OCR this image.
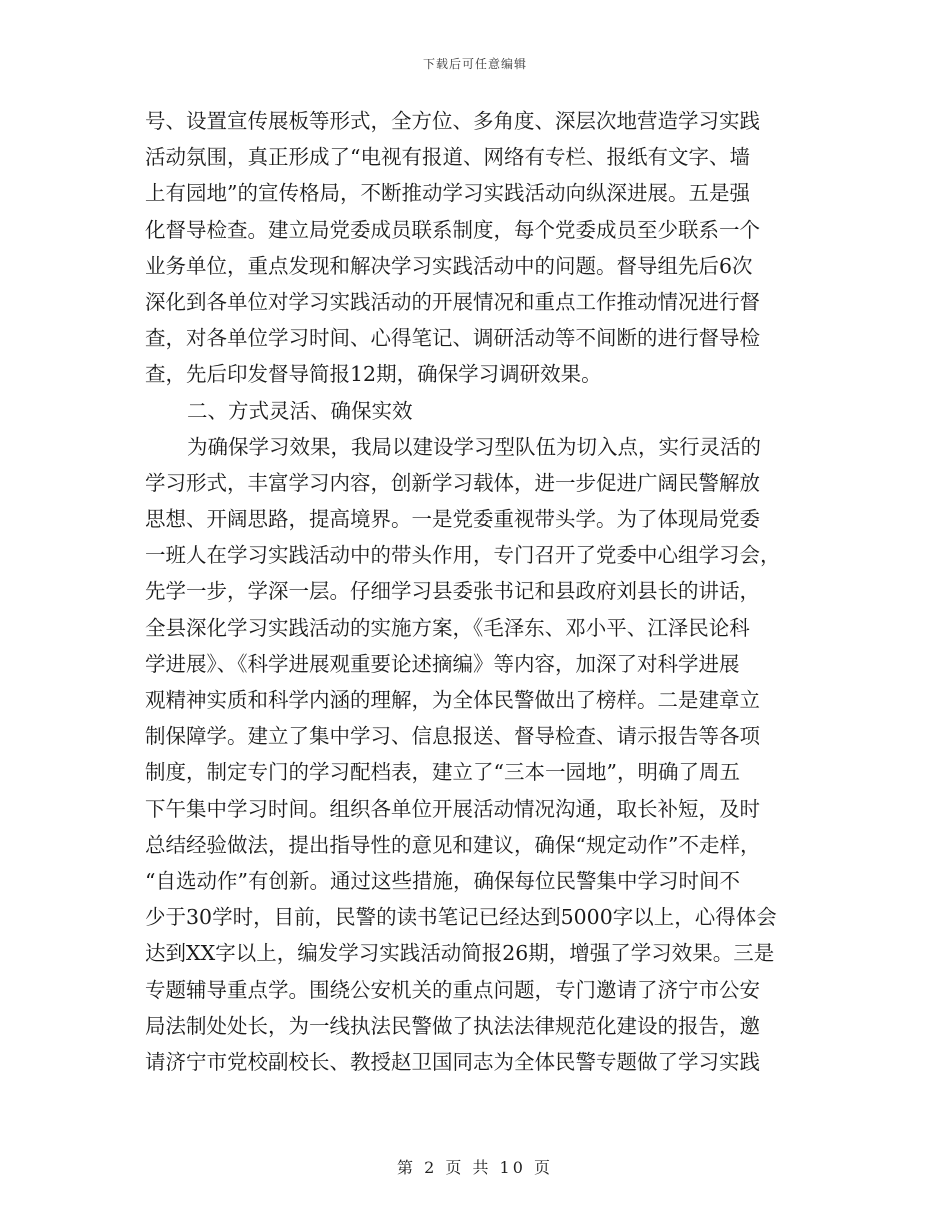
下载后可任意编辑
号、设置宣传展板等形式，全方位、多角度、深层次地营造学习实践
活动氛围，真正形成了“电视有报道、网络有专栏、报纸有文字、墙
上有园地”的宣传格局，不断推动学习实践活动向纵深进展。五是强
化督导检查。建立局党委成员联系制度，每个党委成员至少联系一个
业务单位，重点发现和解决学习实践活动中的问题。督导组先后6次
深化到各单位对学习实践活动的开展情况和重点工作推动情况进行督
查，对各单位学习时间、心得笔记、调研活动等不间断的进行督导检
查，先后印发督导简报12期，确保学习调研效果。
二、方式灵活、确保实效
为确保学习效果，我局以建设学习型队伍为切入点，实行灵活的
学习形式，丰富学习内容，创新学习载体，进一步促进广阔民警解放
思想、开阔思路，提高境界。一是党委重视带头学。为了体现局党委
一班人在学习实践活动中的带头作用，专门召开了党委中心组学习会，
先学一步，学深一层。仔细学习县委张书记和县政府刘县长的讲话，
全县深化学习实践活动的实施方案，《毛泽东、邓小平、江泽民论科
学进展》、《科学进展观重要论述摘编》等内容，加深了对科学进展
观精神实质和科学内涵的理解，为全体民警做出了榜样。二是建章立
制保障学。建立了集中学习、信息报送、督导检查、请示报告等各项
制度，制定专门的学习配档表，建立了“三本一园地”，明确了周五
下午集中学习时间。组织各单位开展活动情况沟通，取长补短，及时
总结经验做法，提出指导性的意见和建议，确保“规定动作”不走样，
“自选动作”有创新。通过这些措施，确保每位民警集中学习时间不
少于30学时，目前，民警的读书笔记已经达到5000字以上，心得体会
达到XX字以上，编发学习实践活动简报26期，增强了学习效果。三是
专题辅导重点学。围绕公安机关的重点问题，专门邀请了济宁市公安
局法制处处长，为一线执法民警做了执法法律规范化建设的报告，邀
请济宁市党校副校长、教授赵卫国同志为全体民警专题做了学习实践
第 2 页 共 10 页
